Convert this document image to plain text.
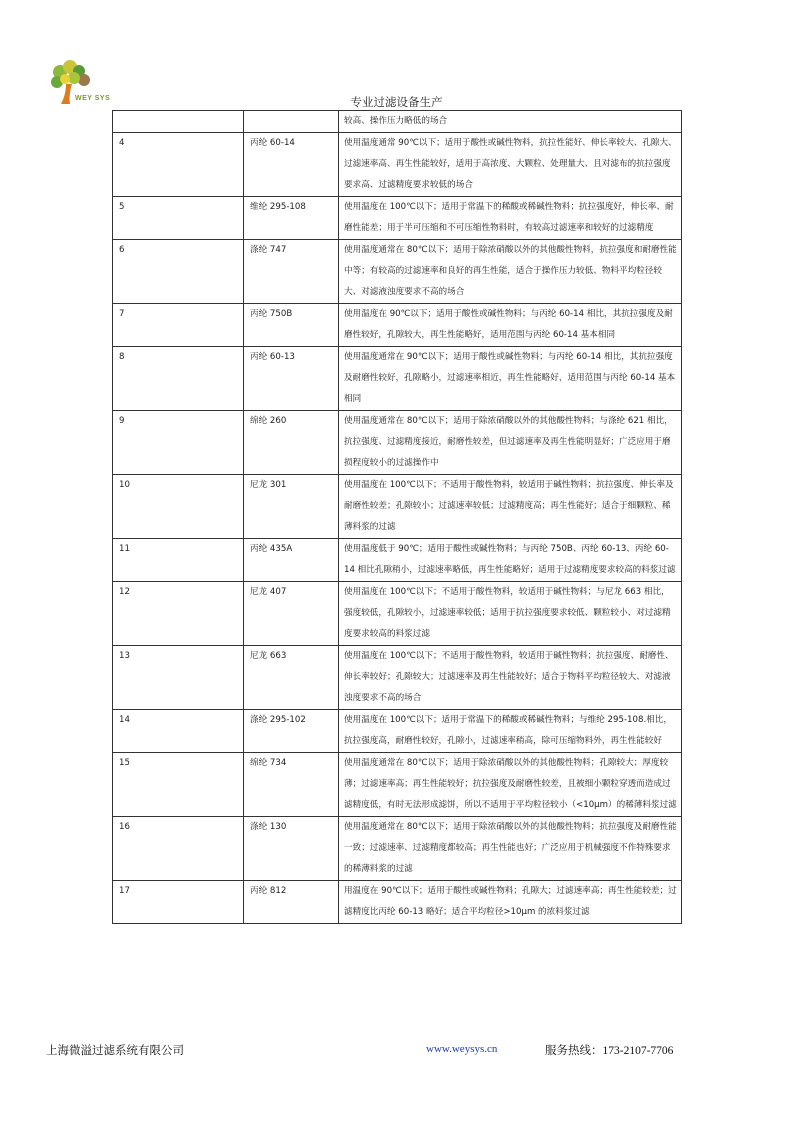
WEY SYS	专业过滤设备生产
		较高、操作压力略低的场合
4	丙纶 60-14	使用温度通常 90℃以下；适用于酸性或碱性物料，抗拉性能好、伸长率较大、孔隙大、过滤速率高、再生性能较好，适用于高浓度、大颗粒、处理量大、且对滤布的抗拉强度要求高、过滤精度要求较低的场合
5	维纶 295-108	使用温度在 100℃以下；适用于常温下的稀酸或稀碱性物料；抗拉强度好，伸长率、耐磨性能差；用于半可压缩和不可压缩性物料时，有较高过滤速率和较好的过滤精度
6	涤纶 747	使用温度通常在 80℃以下；适用于除浓硝酸以外的其他酸性物料，抗拉强度和耐磨性能中等；有较高的过滤速率和良好的再生性能，适合于操作压力较低、物料平均粒径较大、对滤液浊度要求不高的场合
7	丙纶 750B	使用温度在 90℃以下；适用于酸性或碱性物料；与丙纶 60-14 相比，其抗拉强度及耐磨性较好，孔隙较大，再生性能略好，适用范围与丙纶 60-14 基本相同
8	丙纶 60-13	使用温度通常在 90℃以下；适用于酸性或碱性物料；与丙纶 60-14 相比，其抗拉强度及耐磨性较好，孔隙略小，过滤速率相近，再生性能略好，适用范围与丙纶 60-14 基本相同
9	绵纶 260	使用温度通常在 80℃以下；适用于除浓硝酸以外的其他酸性物料；与涤纶 621 相比，抗拉强度、过滤精度接近，耐磨性较差，但过滤速率及再生性能明显好；广泛应用于磨损程度较小的过滤操作中
10	尼龙 301	使用温度在 100℃以下；不适用于酸性物料，较适用于碱性物料；抗拉强度、伸长率及耐磨性较差；孔隙较小；过滤速率较低；过滤精度高；再生性能好；适合于细颗粒、稀薄料浆的过滤
11	丙纶 435A	使用温度低于 90℃；适用于酸性或碱性物料；与丙纶 750B、丙纶 60-13、丙纶 60-14 相比孔隙稍小，过滤速率略低，再生性能略好；适用于过滤精度要求较高的料浆过滤
12	尼龙 407	使用温度在 100℃以下；不适用于酸性物料，较适用于碱性物料；与尼龙 663 相比，强度较低，孔隙较小，过滤速率较低；适用于抗拉强度要求较低、颗粒较小、对过滤精度要求较高的料浆过滤
13	尼龙 663	使用温度在 100℃以下；不适用于酸性物料，较适用于碱性物料；抗拉强度、耐磨性、伸长率较好；孔隙较大；过滤速率及再生性能较好；适合于物料平均粒径较大、对滤液浊度要求不高的场合
14	涤纶 295-102	使用温度在 100℃以下；适用于常温下的稀酸或稀碱性物料；与维纶 295-108.相比，抗拉强度高，耐磨性较好，孔隙小，过滤速率稍高，除可压缩物料外，再生性能较好
15	绵纶 734	使用温度通常在 80℃以下；适用于除浓硝酸以外的其他酸性物料；孔隙较大；厚度较薄；过滤速率高；再生性能较好；抗拉强度及耐磨性较差，且被细小颗粒穿透而造成过滤精度低，有时无法形成滤饼，所以不适用于平均粒径较小（<10μm）的稀薄料浆过滤
16	涤纶 130	使用温度通常在 80℃以下；适用于除浓硝酸以外的其他酸性物料；抗拉强度及耐磨性能一致；过滤速率、过滤精度都较高；再生性能也好；广泛应用于机械强度不作特殊要求的稀薄料浆的过滤
17	丙纶 812	用温度在 90℃以下；适用于酸性或碱性物料；孔隙大；过滤速率高；再生性能较差；过滤精度比丙纶 60-13 略好；适合平均粒径>10μm 的浓料浆过滤
上海微溢过滤系统有限公司	www.weysys.cn	服务热线：173-2107-7706
